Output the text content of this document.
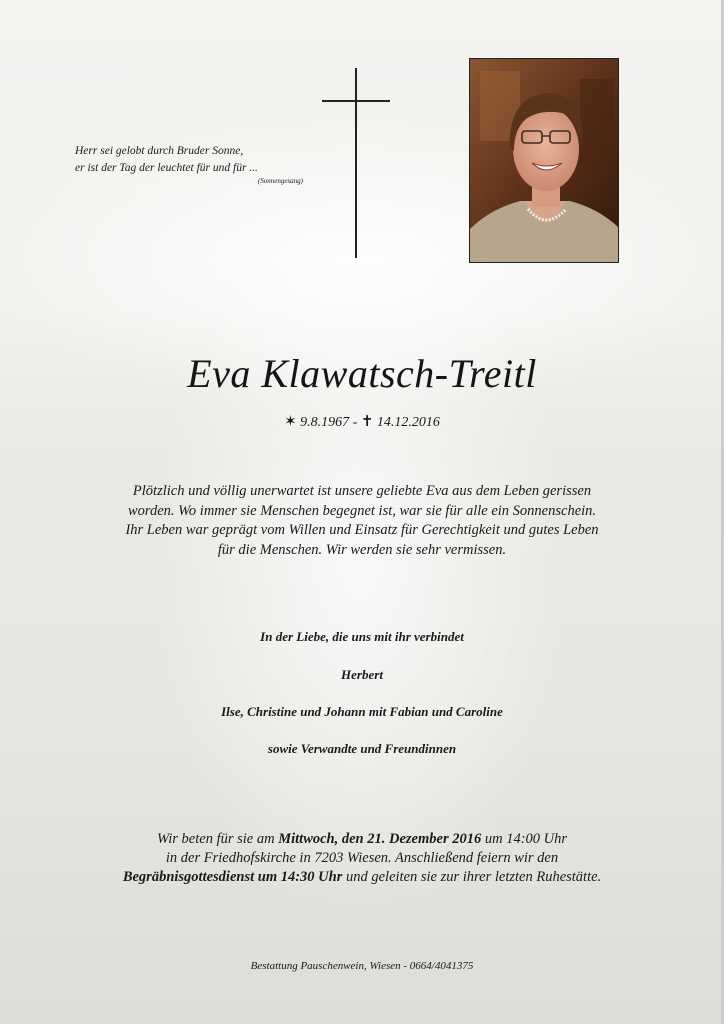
Herr sei gelobt durch Bruder Sonne,
er ist der Tag der leuchtet für und für ...
(Sonnengesang)
Eva Klawatsch-Treitl
✶ 9.8.1967 - ✝ 14.12.2016
Plötzlich und völlig unerwartet ist unsere geliebte Eva aus dem Leben gerissen
worden. Wo immer sie Menschen begegnet ist, war sie für alle ein Sonnenschein.
Ihr Leben war geprägt vom Willen und Einsatz für Gerechtigkeit und gutes Leben
für die Menschen. Wir werden sie sehr vermissen.
In der Liebe, die uns mit ihr verbindet
Herbert
Ilse, Christine und Johann mit Fabian und Caroline
sowie Verwandte und Freundinnen
Wir beten für sie am Mittwoch, den 21. Dezember 2016 um 14:00 Uhr
in der Friedhofskirche in 7203 Wiesen. Anschließend feiern wir den
Begräbnisgottesdienst um 14:30 Uhr und geleiten sie zur ihrer letzten Ruhestätte.
Bestattung Pauschenwein, Wiesen - 0664/4041375
